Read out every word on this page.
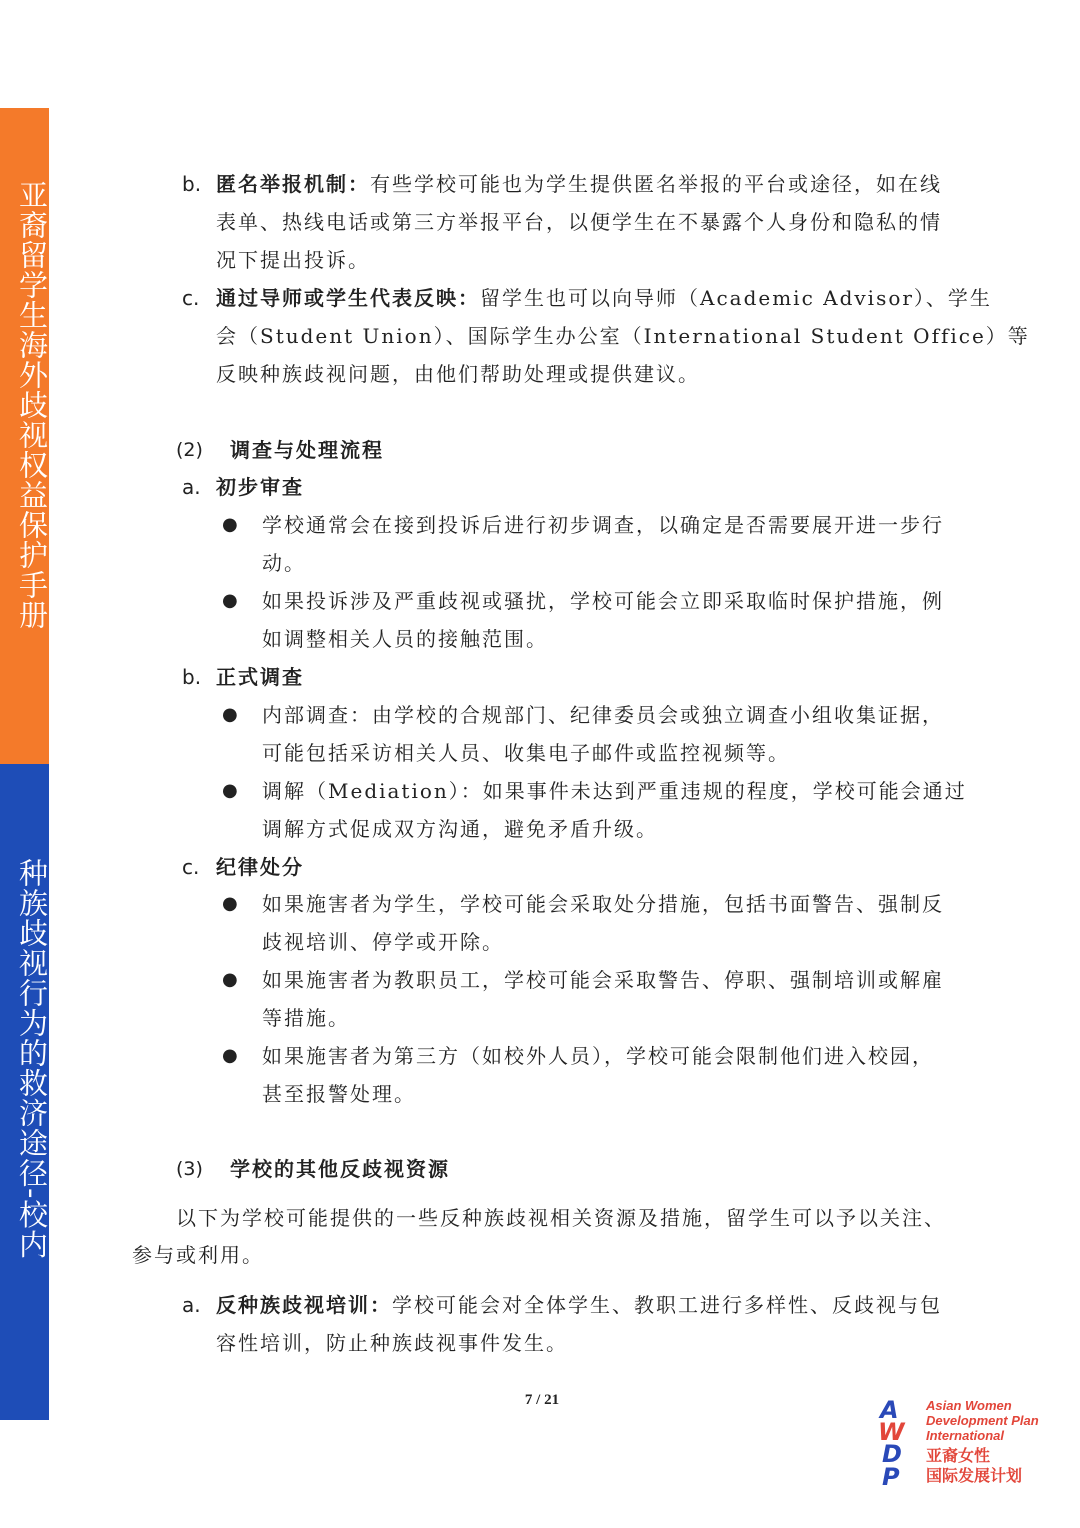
亚裔留学生海外歧视权益保护手册
种族歧视行为的救济途径-校内
b. 匿名举报机制：有些学校可能也为学生提供匿名举报的平台或途径，如在线
表单、热线电话或第三方举报平台，以便学生在不暴露个人身份和隐私的情
况下提出投诉。
c. 通过导师或学生代表反映：留学生也可以向导师（Academic Advisor）、学生
会（Student Union）、国际学生办公室（International Student Office）等
反映种族歧视问题，由他们帮助处理或提供建议。
(2) 调查与处理流程
a. 初步审查
● 学校通常会在接到投诉后进行初步调查，以确定是否需要展开进一步行
动。
● 如果投诉涉及严重歧视或骚扰，学校可能会立即采取临时保护措施，例
如调整相关人员的接触范围。
b. 正式调查
● 内部调查：由学校的合规部门、纪律委员会或独立调查小组收集证据，
可能包括采访相关人员、收集电子邮件或监控视频等。
● 调解（Mediation）：如果事件未达到严重违规的程度，学校可能会通过
调解方式促成双方沟通，避免矛盾升级。
c. 纪律处分
● 如果施害者为学生，学校可能会采取处分措施，包括书面警告、强制反
歧视培训、停学或开除。
● 如果施害者为教职员工，学校可能会采取警告、停职、强制培训或解雇
等措施。
● 如果施害者为第三方（如校外人员），学校可能会限制他们进入校园，
甚至报警处理。
(3) 学校的其他反歧视资源
以下为学校可能提供的一些反种族歧视相关资源及措施，留学生可以予以关注、
参与或利用。
a. 反种族歧视培训：学校可能会对全体学生、教职工进行多样性、反歧视与包
容性培训，防止种族歧视事件发生。
7 / 21	A
W
D
P
Asian Women
Development Plan
International
亚裔女性
国际发展计划
